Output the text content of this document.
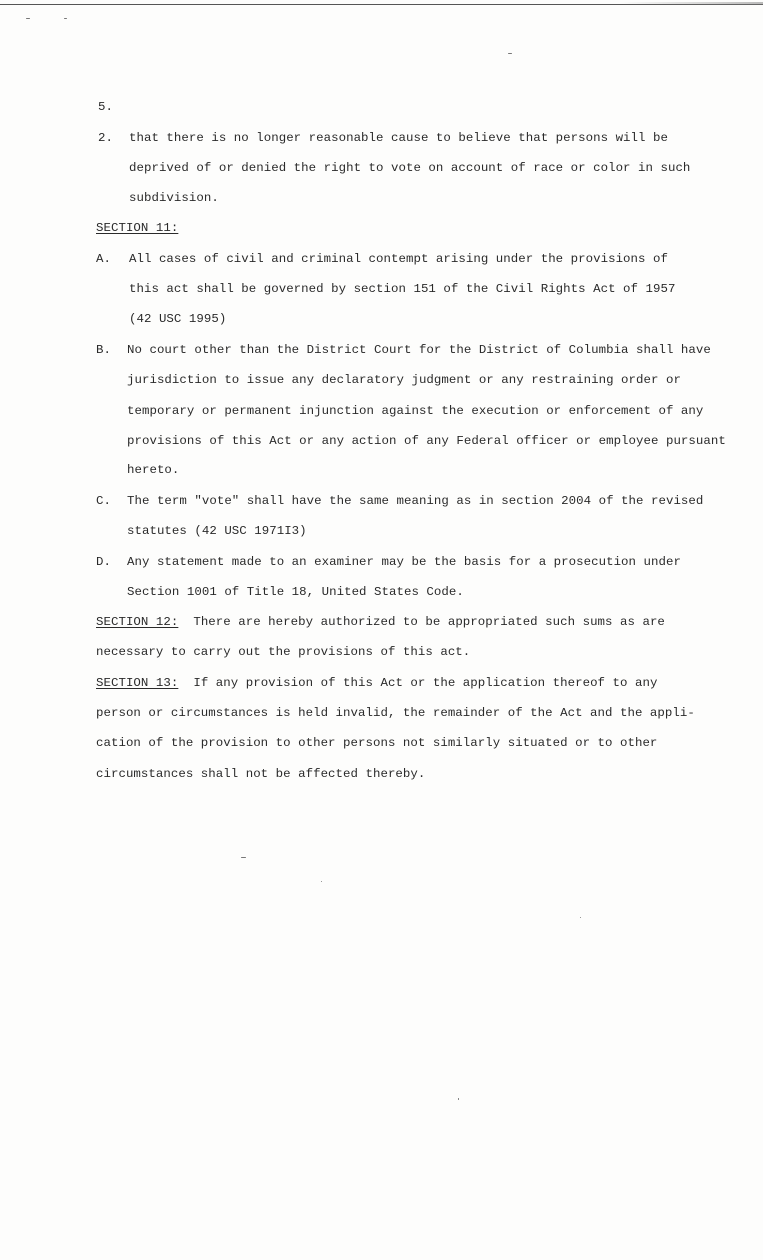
5.
2. that there is no longer reasonable cause to believe that persons will be
deprived of or denied the right to vote on account of race or color in such
subdivision.
SECTION 11:
A. All cases of civil and criminal contempt arising under the provisions of
this act shall be governed by section 151 of the Civil Rights Act of 1957
(42 USC 1995)
B. No court other than the District Court for the District of Columbia shall have
jurisdiction to issue any declaratory judgment or any restraining order or
temporary or permanent injunction against the execution or enforcement of any
provisions of this Act or any action of any Federal officer or employee pursuant
hereto.
C. The term "vote" shall have the same meaning as in section 2004 of the revised
statutes (42 USC 1971I3)
D. Any statement made to an examiner may be the basis for a prosecution under
Section 1001 of Title 18, United States Code.
SECTION 12: There are hereby authorized to be appropriated such sums as are
necessary to carry out the provisions of this act.
SECTION 13: If any provision of this Act or the application thereof to any
person or circumstances is held invalid, the remainder of the Act and the appli-
cation of the provision to other persons not similarly situated or to other
circumstances shall not be affected thereby.
